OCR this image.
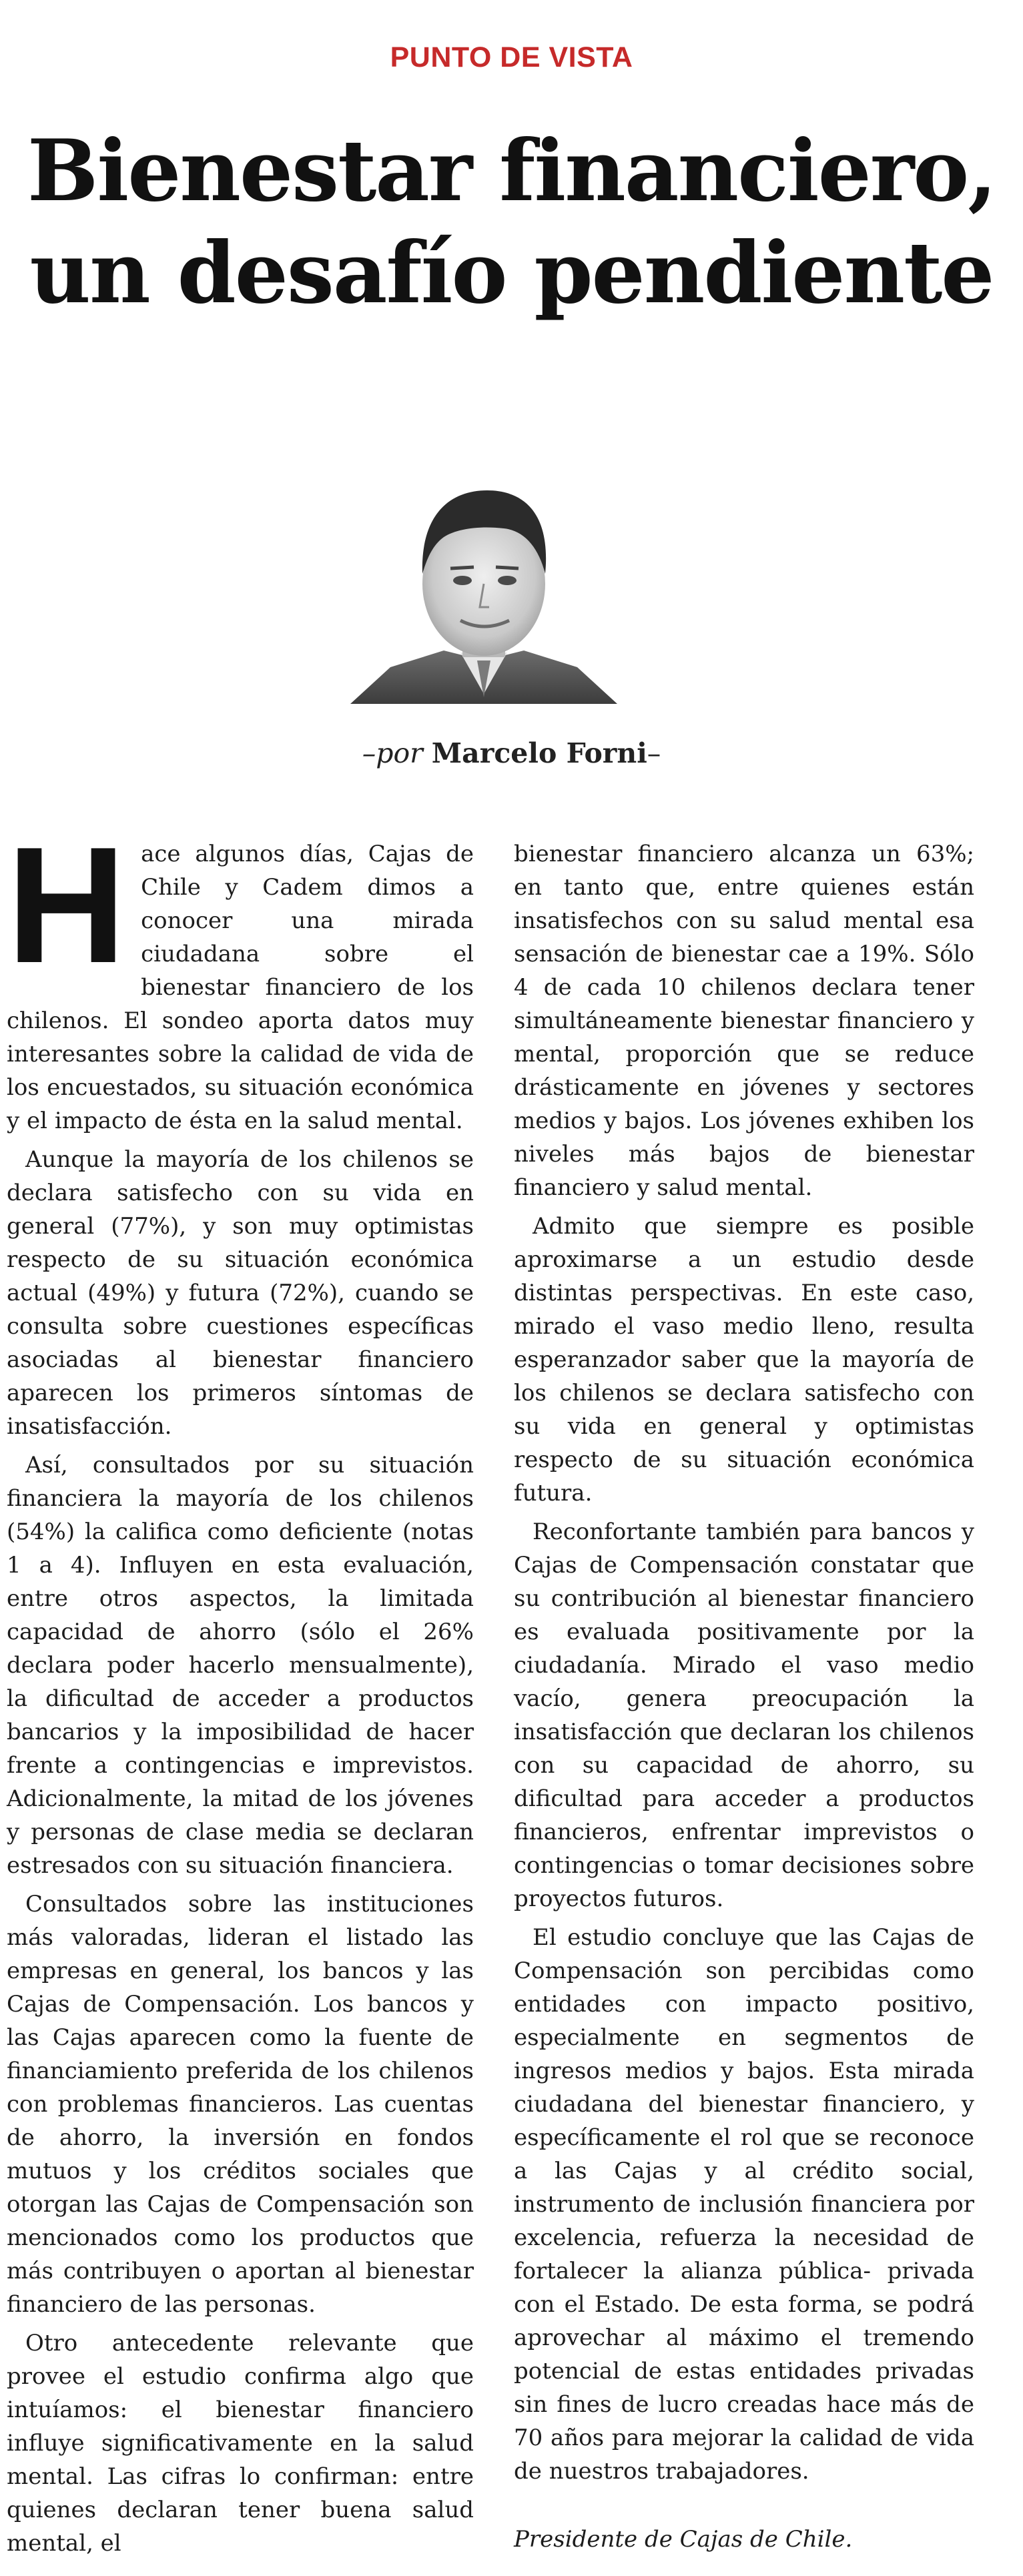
PUNTO DE VISTA
Bienestar financiero,
un desafío pendiente
–por Marcelo Forni–

Hace algunos días, Cajas de Chile y Cadem dimos a conocer una mirada ciudadana sobre el bienestar financiero de los chilenos. El sondeo aporta datos muy interesantes sobre la calidad de vida de los encuestados, su situación económica y el impacto de ésta en la salud mental.

Aunque la mayoría de los chilenos se declara satisfecho con su vida en general (77%), y son muy optimistas respecto de su situación económica actual (49%) y futura (72%), cuando se consulta sobre cuestiones específicas asociadas al bienestar financiero aparecen los primeros síntomas de insatisfacción.

Así, consultados por su situación financiera la mayoría de los chilenos (54%) la califica como deficiente (notas 1 a 4). Influyen en esta evaluación, entre otros aspectos, la limitada capacidad de ahorro (sólo el 26% declara poder hacerlo mensualmente), la dificultad de acceder a productos bancarios y la imposibilidad de hacer frente a contingencias e imprevistos. Adicionalmente, la mitad de los jóvenes y personas de clase media se declaran estresados con su situación financiera.

Consultados sobre las instituciones más valoradas, lideran el listado las empresas en general, los bancos y las Cajas de Compensación. Los bancos y las Cajas aparecen como la fuente de financiamiento preferida de los chilenos con problemas financieros. Las cuentas de ahorro, la inversión en fondos mutuos y los créditos sociales que otorgan las Cajas de Compensación son mencionados como los productos que más contribuyen o aportan al bienestar financiero de las personas.

Otro antecedente relevante que provee el estudio confirma algo que intuíamos: el bienestar financiero influye significativamente en la salud mental. Las cifras lo confirman: entre quienes declaran tener buena salud mental, el

bienestar financiero alcanza un 63%; en tanto que, entre quienes están insatisfechos con su salud mental esa sensación de bienestar cae a 19%. Sólo 4 de cada 10 chilenos declara tener simultáneamente bienestar financiero y mental, proporción que se reduce drásticamente en jóvenes y sectores medios y bajos. Los jóvenes exhiben los niveles más bajos de bienestar financiero y salud mental.

Admito que siempre es posible aproximarse a un estudio desde distintas perspectivas. En este caso, mirado el vaso medio lleno, resulta esperanzador saber que la mayoría de los chilenos se declara satisfecho con su vida en general y optimistas respecto de su situación económica futura.

Reconfortante también para bancos y Cajas de Compensación constatar que su contribución al bienestar financiero es evaluada positivamente por la ciudadanía. Mirado el vaso medio vacío, genera preocupación la insatisfacción que declaran los chilenos con su capacidad de ahorro, su dificultad para acceder a productos financieros, enfrentar imprevistos o contingencias o tomar decisiones sobre proyectos futuros.

El estudio concluye que las Cajas de Compensación son percibidas como entidades con impacto positivo, especialmente en segmentos de ingresos medios y bajos. Esta mirada ciudadana del bienestar financiero, y específicamente el rol que se reconoce a las Cajas y al crédito social, instrumento de inclusión financiera por excelencia, refuerza la necesidad de fortalecer la alianza pública- privada con el Estado. De esta forma, se podrá aprovechar al máximo el tremendo potencial de estas entidades privadas sin fines de lucro creadas hace más de 70 años para mejorar la calidad de vida de nuestros trabajadores.

Presidente de Cajas de Chile.
